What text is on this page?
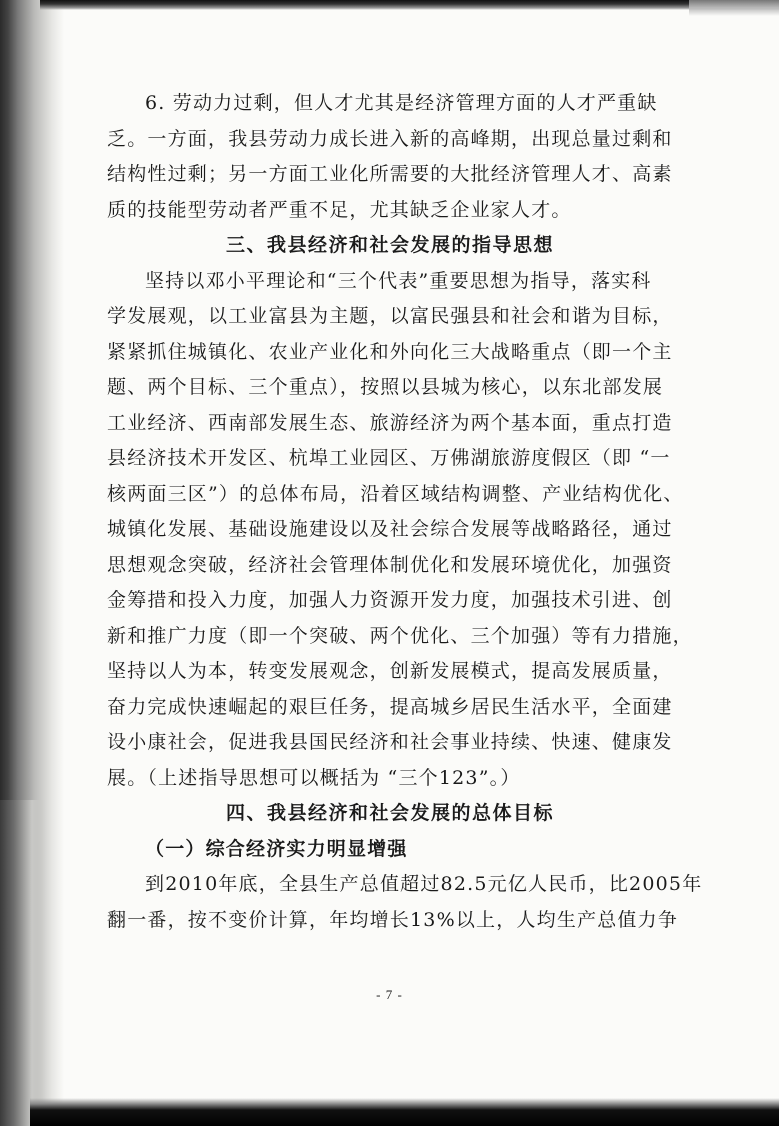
6. 劳动力过剩，但人才尤其是经济管理方面的人才严重缺
乏。一方面，我县劳动力成长进入新的高峰期，出现总量过剩和
结构性过剩；另一方面工业化所需要的大批经济管理人才、高素
质的技能型劳动者严重不足，尤其缺乏企业家人才。
三、我县经济和社会发展的指导思想
坚持以邓小平理论和“三个代表”重要思想为指导，落实科
学发展观，以工业富县为主题，以富民强县和社会和谐为目标，
紧紧抓住城镇化、农业产业化和外向化三大战略重点（即一个主
题、两个目标、三个重点），按照以县城为核心，以东北部发展
工业经济、西南部发展生态、旅游经济为两个基本面，重点打造
县经济技术开发区、杭埠工业园区、万佛湖旅游度假区（即 “一
核两面三区”）的总体布局，沿着区域结构调整、产业结构优化、
城镇化发展、基础设施建设以及社会综合发展等战略路径，通过
思想观念突破，经济社会管理体制优化和发展环境优化，加强资
金筹措和投入力度，加强人力资源开发力度，加强技术引进、创
新和推广力度（即一个突破、两个优化、三个加强）等有力措施，
坚持以人为本，转变发展观念，创新发展模式，提高发展质量，
奋力完成快速崛起的艰巨任务，提高城乡居民生活水平，全面建
设小康社会，促进我县国民经济和社会事业持续、快速、健康发
展。（上述指导思想可以概括为 “三个123”。）
四、我县经济和社会发展的总体目标
（一）综合经济实力明显增强
到2010年底，全县生产总值超过82.5元亿人民币，比2005年
翻一番，按不变价计算，年均增长13%以上，人均生产总值力争
- 7 -
